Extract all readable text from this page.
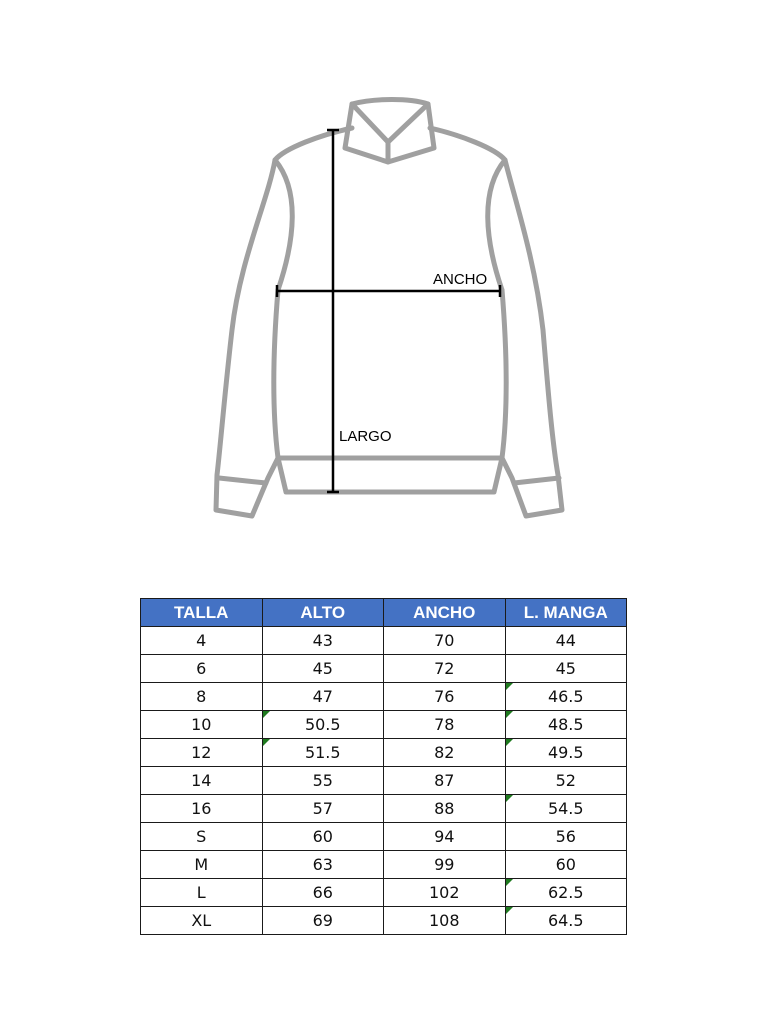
ANCHO
LARGO
TALLA	ALTO	ANCHO	L. MANGA
4	43	70	44
6	45	72	45
8	47	76	46.5
10	50.5	78	48.5
12	51.5	82	49.5
14	55	87	52
16	57	88	54.5
S	60	94	56
M	63	99	60
L	66	102	62.5
XL	69	108	64.5
